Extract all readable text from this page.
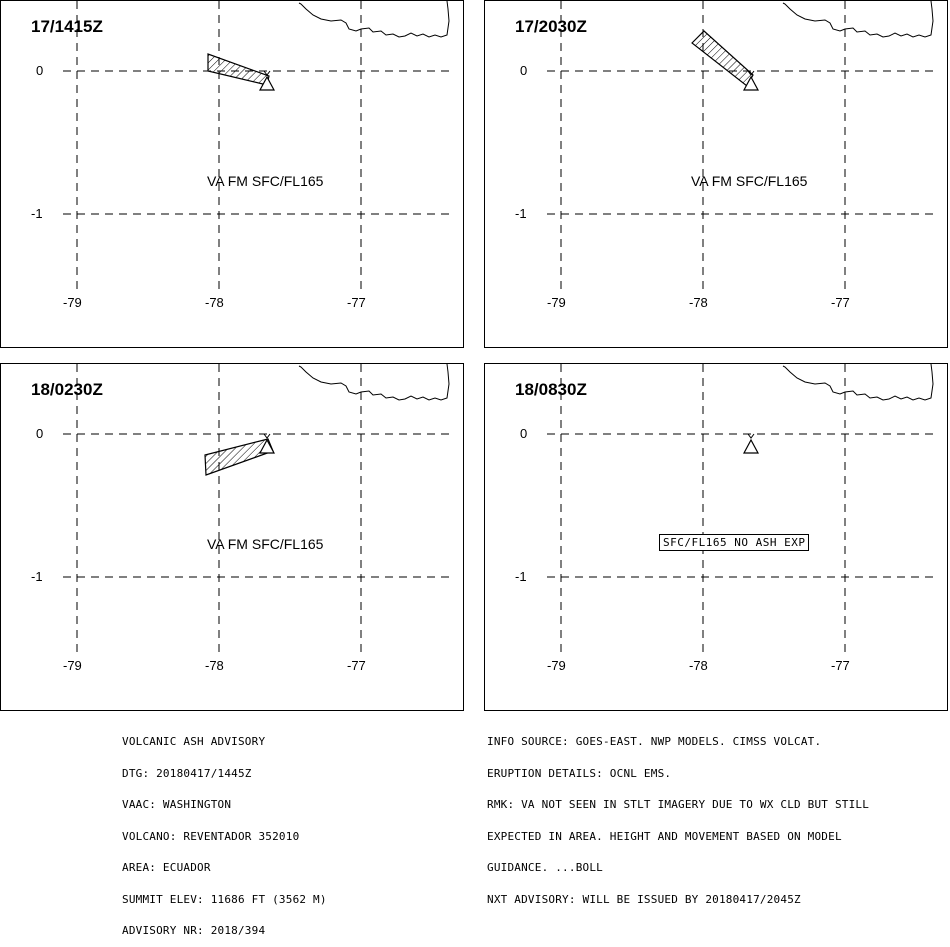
17/1415Z
0
-1
-79	-78	-77
VA FM SFC/FL165
17/2030Z
0
-1
-79	-78	-77
VA FM SFC/FL165
18/0230Z
0
-1
-79	-78	-77
VA FM SFC/FL165
18/0830Z
0
-1
-79	-78	-77
SFC/FL165 NO ASH EXP

VOLCANIC ASH ADVISORY

DTG: 20180417/1445Z

VAAC: WASHINGTON

VOLCANO: REVENTADOR 352010

AREA: ECUADOR

SUMMIT ELEV: 11686 FT (3562 M)

ADVISORY NR: 2018/394

INFO SOURCE: GOES-EAST. NWP MODELS. CIMSS VOLCAT.

ERUPTION DETAILS: OCNL EMS.

RMK: VA NOT SEEN IN STLT IMAGERY DUE TO WX CLD BUT STILL

EXPECTED IN AREA. HEIGHT AND MOVEMENT BASED ON MODEL

GUIDANCE. ...BOLL

NXT ADVISORY: WILL BE ISSUED BY 20180417/2045Z
